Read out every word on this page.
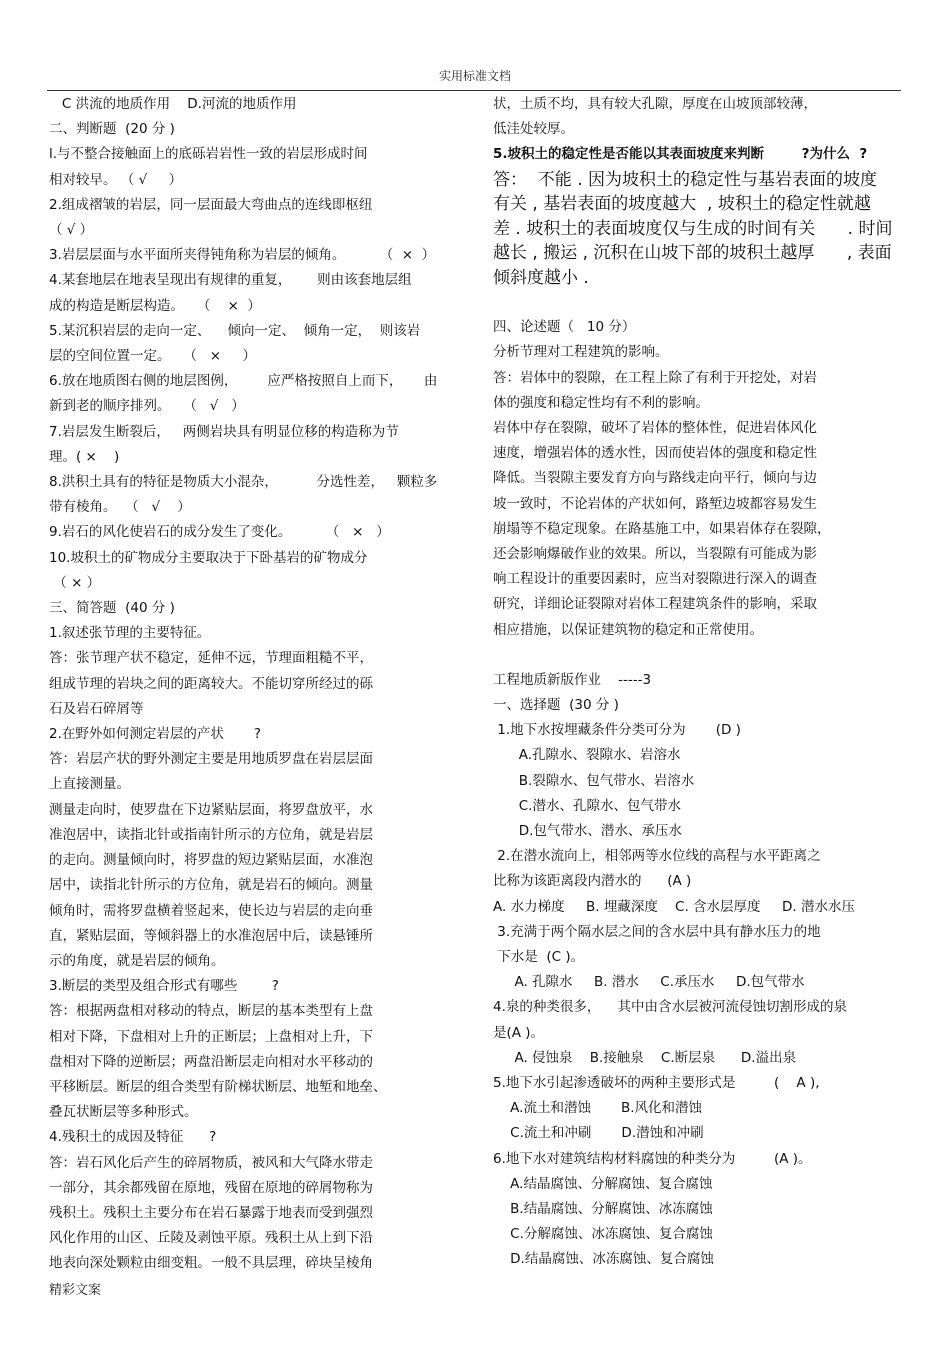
实用标准文档
C 洪流的地质作用    D.河流的地质作用
二、判断题  (20 分 )
l.与不整合接触面上的底砾岩岩性一致的岩层形成时间
相对较早。 （ √     ）
2.组成褶皱的岩层，同一层面最大弯曲点的连线即枢纽
（ √ ）
3.岩层层面与水平面所夹得钝角称为岩层的倾角。        （  ×  ）
4.某套地层在地表呈现出有规律的重复，      则由该套地层组
成的构造是断层构造。   （    ×  ）
5.某沉积岩层的走向一定、    倾向一定、  倾角一定，  则该岩
层的空间位置一定。   （   ×     ）
6.放在地质图右侧的地层图例，       应严格按照自上而下，     由
新到老的顺序排列。   （   √   ）
7.岩层发生断裂后，   两侧岩块具有明显位移的构造称为节
理。( ×    )
8.洪积土具有的特征是物质大小混杂，         分选性差，   颗粒多
带有棱角。  （   √    ）
9.岩石的风化使岩石的成分发生了变化。        （   ×   ）
10.坡积土的矿物成分主要取决于下卧基岩的矿物成分
（ × ）
三、简答题  (40 分 )
1.叙述张节理的主要特征。
答：张节理产状不稳定，延伸不远，节理面粗糙不平，
组成节理的岩块之间的距离较大。不能切穿所经过的砾
石及岩石碎屑等
2.在野外如何测定岩层的产状       ?
答：岩层产状的野外测定主要是用地质罗盘在岩层层面
上直接测量。
测量走向时，使罗盘在下边紧贴层面，将罗盘放平，水
准泡居中，读指北针或指南针所示的方位角，就是岩层
的走向。测量倾向时，将罗盘的短边紧贴层面，水准泡
居中，读指北针所示的方位角，就是岩石的倾向。测量
倾角时，需将罗盘横着竖起来，使长边与岩层的走向垂
直，紧贴层面，等倾斜器上的水准泡居中后，读悬锤所
示的角度，就是岩层的倾角。
3.断层的类型及组合形式有哪些        ?
答：根据两盘相对移动的特点，断层的基本类型有上盘
相对下降，下盘相对上升的正断层；上盘相对上升，下
盘相对下降的逆断层；两盘沿断层走向相对水平移动的
平移断层。断层的组合类型有阶梯状断层、地堑和地垒、
叠瓦状断层等多种形式。
4.残积土的成因及特征      ?
答：岩石风化后产生的碎屑物质，被风和大气降水带走
一部分，其余都残留在原地，残留在原地的碎屑物称为
残积土。残积土主要分布在岩石暴露于地表而受到强烈
风化作用的山区、丘陵及剥蚀平原。残积土从上到下沿
地表向深处颗粒由细变粗。一般不具层理，碎块呈棱角
状，土质不均，具有较大孔隙，厚度在山坡顶部较薄，
低洼处较厚。
5.坡积土的稳定性是否能以其表面坡度来判断        ?为什么  ?
答：  不能 . 因为坡积土的稳定性与基岩表面的坡度
有关 , 基岩表面的坡度越大  , 坡积土的稳定性就越
差 . 坡积土的表面坡度仅与生成的时间有关      . 时间
越长 , 搬运 , 沉积在山坡下部的坡积土越厚      , 表面
倾斜度越小 .
四、论述题（   10 分）
分析节理对工程建筑的影响。
答：岩体中的裂隙，在工程上除了有利于开挖处，对岩
体的强度和稳定性均有不利的影响。
岩体中存在裂隙，破坏了岩体的整体性，促进岩体风化
速度，增强岩体的透水性，因而使岩体的强度和稳定性
降低。当裂隙主要发育方向与路线走向平行，倾向与边
坡一致时，不论岩体的产状如何，路堑边坡都容易发生
崩塌等不稳定现象。在路基施工中，如果岩体存在裂隙，
还会影响爆破作业的效果。所以，当裂隙有可能成为影
响工程设计的重要因素时，应当对裂隙进行深入的调查
研究，详细论证裂隙对岩体工程建筑条件的影响，采取
相应措施，以保证建筑物的稳定和正常使用。
工程地质新版作业    -----3
一、选择题  (30 分 )
1.地下水按埋藏条件分类可分为       (D )
A.孔隙水、裂隙水、岩溶水
B.裂隙水、包气带水、岩溶水
C.潜水、孔隙水、包气带水
D.包气带水、潜水、承压水
2.在潜水流向上，相邻两等水位线的高程与水平距离之
比称为该距离段内潜水的      (A )
A. 水力梯度     B. 埋藏深度    C. 含水层厚度     D. 潜水水压
3.充满于两个隔水层之间的含水层中具有静水压力的地
下水是  (C )。
A. 孔隙水     B. 潜水     C.承压水     D.包气带水
4.泉的种类很多，    其中由含水层被河流侵蚀切割形成的泉
是(A )。
A. 侵蚀泉    B.接触泉    C.断层泉      D.溢出泉
5.地下水引起渗透破坏的两种主要形式是         (    A ),
A.流土和潜蚀       B.风化和潜蚀
C.流土和冲刷       D.潜蚀和冲刷
6.地下水对建筑结构材料腐蚀的种类分为         (A )。
A.结晶腐蚀、分解腐蚀、复合腐蚀
B.结晶腐蚀、分解腐蚀、冰冻腐蚀
C.分解腐蚀、冰冻腐蚀、复合腐蚀
D.结晶腐蚀、冰冻腐蚀、复合腐蚀
精彩文案
